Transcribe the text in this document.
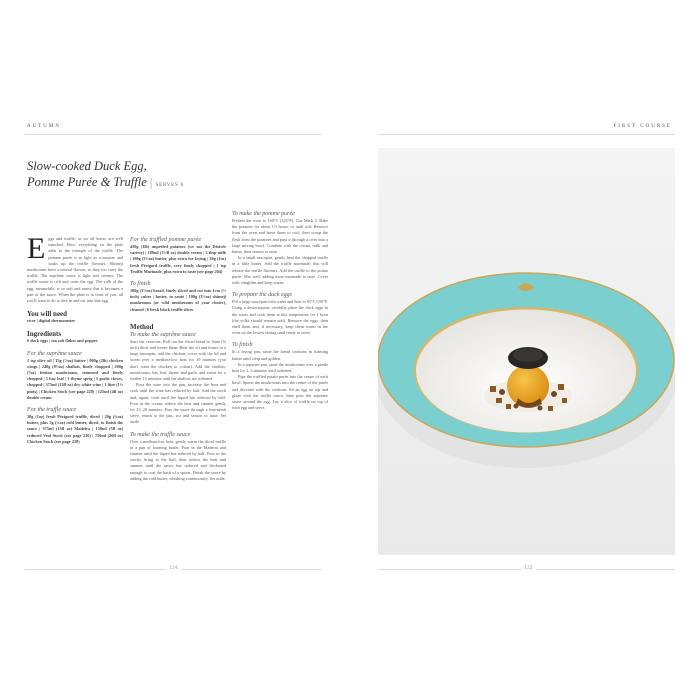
AUTUMN
Slow-cooked Duck Egg,
Pomme Purée & Truffle | SERVES 6

Eggs and truffle, as we all know, are well matched. Here, everything on the plate adds to the triumph of the truffle. The pomme purée is as light as a mousse and soaks up the truffle flavours. Shimeji mushrooms have a neutral flavour, so they too carry the truffle. The suprême sauce is light and creamy. The truffle sauce is rich and coats the egg. The yolk of the egg, meanwhile, is so soft and runny that it becomes a part of the sauce. When the plate is in front of you, all you'll want to do is dive in and cut into that egg.

You will need

ricer | digital thermometer

Ingredients

6 duck eggs | sea salt flakes and pepper

For the suprême sauce

1 tsp olive oil | 15g (½oz) butter | 900g (2lb) chicken wings | 240g (8½oz) shallots, finely chopped | 200g (7oz) button mushrooms, trimmed and finely chopped | 1 bay leaf | 1 thyme sprig | 5 garlic cloves, chopped | 375ml (13fl oz) dry white wine | 1 litre (1¾ pints) | Chicken Stock (see page 228) | 125ml (4fl oz) double cream

For the truffle sauce

30g (1oz) fresh Périgord truffle, diced | 20g (¾oz) butter, plus 5g (¼oz) cold butter, diced, to finish the sauce | 375ml (13fl oz) Madeira | 150ml (5fl oz) reduced Veal Stock (see page 230) | 750ml (26fl oz) Chicken Stock (see page 228)

For the truffled pomme purée

450g (1lb) unpeeled potatoes (we use the Désirée variety) | 100ml (3½fl oz) double cream | 2 tbsp milk | 100g (3½oz) butter, plus extra for frying | 30g (1oz) fresh Périgord truffle, very finely chopped | 1 tsp Truffle Marinade, plus extra to taste (see page 204)

To finish

100g (3½oz) bread, finely sliced and cut into 1cm (½ inch) cubes | butter, to sauté | 100g (3½oz) shimeji mushrooms (or wild mushrooms of your choice), cleaned | 6 fresh black truffle slices

Method
To make the suprême sauce

Start the croutons. Roll out the sliced bread to 3mm (⅛ inch) thick and freeze them. Heat the oil and butter in a large saucepan, add the chicken, cover with the lid and sweat over a medium-low heat for 10 minutes (you don't want the chicken to colour). Add the shallots, mushrooms, bay leaf, thyme and garlic and sweat for a further 15 minutes until the shallots are softened.

Pour the wine into the pan, increase the heat and cook until the wine has reduced by half. Add the stock and, again, cook until the liquid has reduced by half. Pour in the cream, reduce the heat and simmer gently for 15–20 minutes. Pass the sauce through a fine-mesh sieve, return to the pan, stir and season to taste. Set aside.

To make the truffle sauce

Over a medium-low heat, gently warm the diced truffle in a pan of foaming butter. Pour in the Madeira and simmer until the liquid has reduced by half. Pour in the stocks, bring to the boil, then reduce the heat and simmer until the sauce has reduced and thickened enough to coat the back of a spoon. Finish the sauce by adding the cold butter, whisking continuously. Set aside.

To make the pomme purée

Preheat the oven to 160°C (325°F), Gas Mark 3. Bake the potatoes for about 1½ hours, or until soft. Remove from the oven and leave them to cool, then scoop the flesh from the potatoes and pass it through a ricer into a large mixing bowl. Combine with the cream, milk and butter, then season to taste.

In a small saucepan, gently heat the chopped truffle in a little butter. Add the truffle marinade; this will release the truffle flavours. Add the truffle to the potato purée. Mix well, adding more marinade to taste. Cover with clingfilm and keep warm.

To prepare the duck eggs

Fill a large saucepan with water and heat to 65°C/150°F. Using a dessertspoon, carefully place the duck eggs in the water and cook them at this temperature for 1 hour (the yolks should remain soft). Remove the eggs, then shell them and, if necessary, keep them warm in the oven on the lowest setting until ready to serve.

To finish

In a frying pan, sauté the bread croûtons in foaming butter until crisp and golden.

In a separate pan, sauté the mushrooms over a gentle heat for 2–3 minutes until softened.

Pipe the truffled potato purée into the centre of each bowl. Spoon the mushrooms into the centre of the purée and decorate with the croûtons. Sit an egg on top and glaze with the truffle sauce, then pour the suprême sauce around the egg. Lay a slice of truffle on top of each egg and serve.

124
FIRST COURSE
125
